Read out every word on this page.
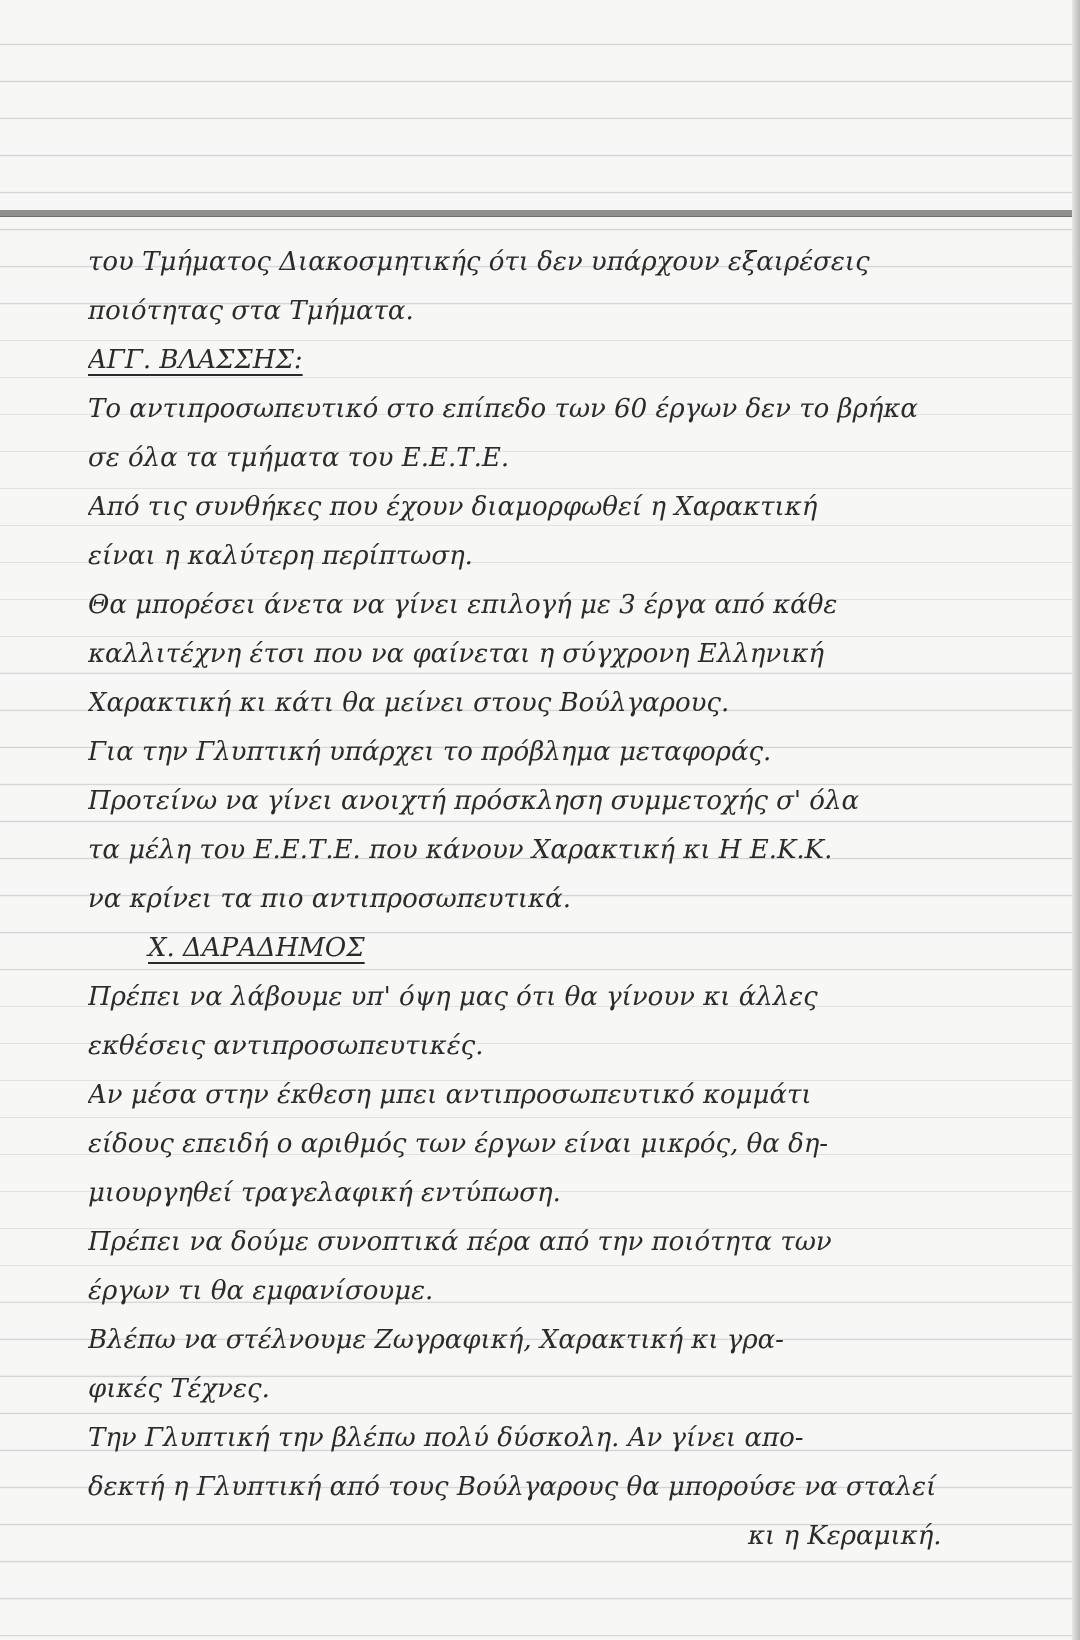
του Τμήματος Διακοσμητικής ότι δεν υπάρχουν εξαιρέσεις
ποιότητας στα Τμήματα.
ΑΓΓ. ΒΛΑΣΣΗΣ:
Το αντιπροσωπευτικό στο επίπεδο των 60 έργων δεν το βρήκα
σε όλα τα τμήματα του Ε.Ε.Τ.Ε.
Από τις συνθήκες που έχουν διαμορφωθεί η Χαρακτική
είναι η καλύτερη περίπτωση.
Θα μπορέσει άνετα να γίνει επιλογή με 3 έργα από κάθε
καλλιτέχνη έτσι που να φαίνεται η σύγχρονη Ελληνική
Χαρακτική κι κάτι θα μείνει στους Βούλγαρους.
Για την Γλυπτική υπάρχει το πρόβλημα μεταφοράς.
Προτείνω να γίνει ανοιχτή πρόσκληση συμμετοχής σ' όλα
τα μέλη του Ε.Ε.Τ.Ε. που κάνουν Χαρακτική κι Η Ε.Κ.Κ.
να κρίνει τα πιο αντιπροσωπευτικά.
Χ. ΔΑΡΑΔΗΜΟΣ
Πρέπει να λάβουμε υπ' όψη μας ότι θα γίνουν κι άλλες
εκθέσεις αντιπροσωπευτικές.
Αν μέσα στην έκθεση μπει αντιπροσωπευτικό κομμάτι
είδους επειδή ο αριθμός των έργων είναι μικρός, θα δη-
μιουργηθεί τραγελαφική εντύπωση.
Πρέπει να δούμε συνοπτικά πέρα από την ποιότητα των
έργων τι θα εμφανίσουμε.
Βλέπω να στέλνουμε Ζωγραφική, Χαρακτική κι γρα-
φικές Τέχνες.
Την Γλυπτική την βλέπω πολύ δύσκολη. Αν γίνει απο-
δεκτή η Γλυπτική από τους Βούλγαρους θα μπορούσε να σταλεί
κι η Κεραμική.
